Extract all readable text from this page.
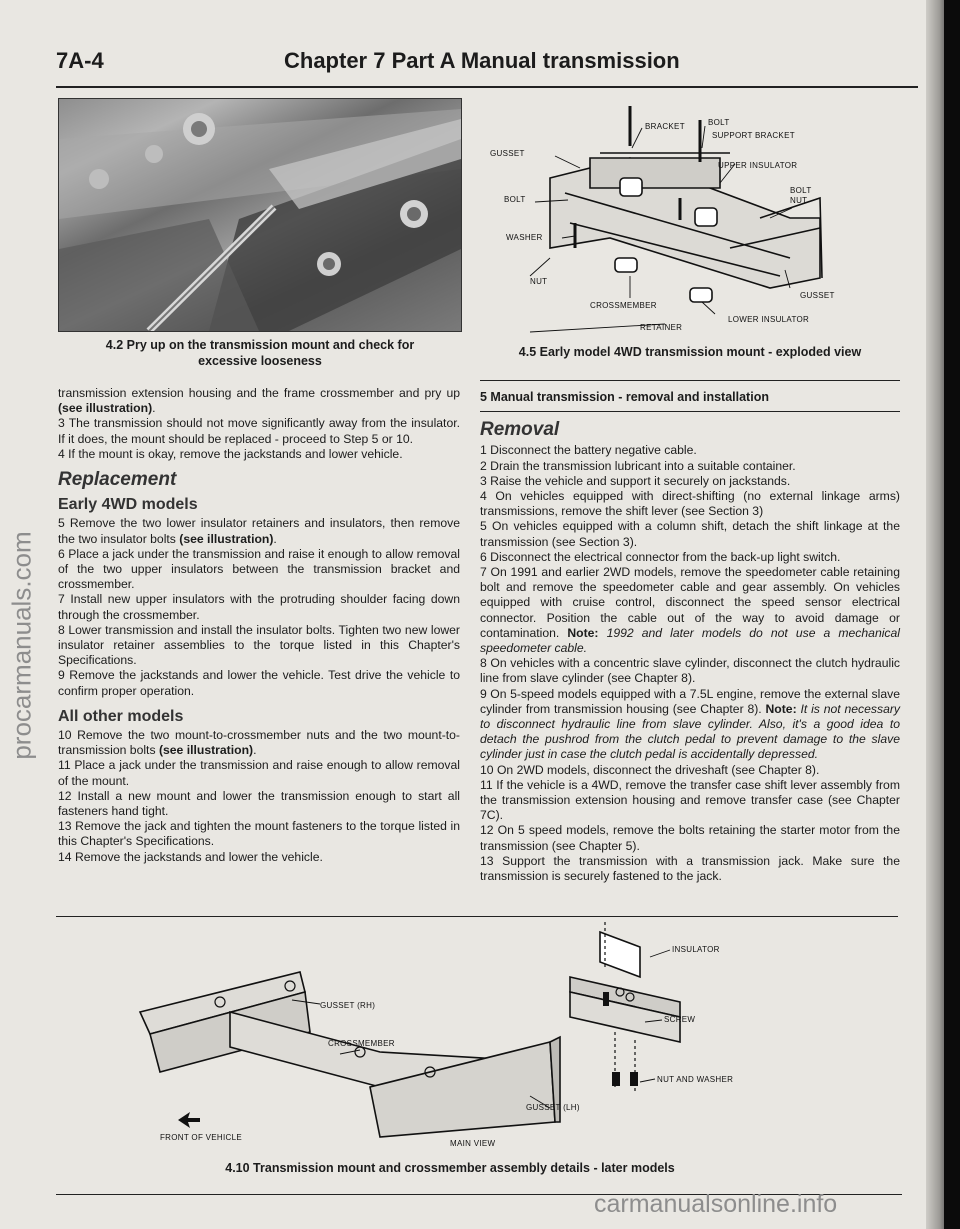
7A-4	Chapter 7 Part A Manual transmission
4.2 Pry up on the transmission mount and check for
excessive looseness
BRACKET	BOLT
SUPPORT BRACKET
GUSSET
UPPER INSULATOR
BOLT
BOLT
NUT
WASHER
NUT
GUSSET
CROSSMEMBER
RETAINER
LOWER INSULATOR
4.5 Early model 4WD transmission mount - exploded view

transmission extension housing and the frame crossmember and pry up (see illustration).

3 The transmission should not move significantly away from the insulator. If it does, the mount should be replaced - proceed to Step 5 or 10.

4 If the mount is okay, remove the jackstands and lower vehicle.

Replacement
Early 4WD models

5 Remove the two lower insulator retainers and insulators, then remove the two insulator bolts (see illustration).

6 Place a jack under the transmission and raise it enough to allow removal of the two upper insulators between the transmission bracket and crossmember.

7 Install new upper insulators with the protruding shoulder facing down through the crossmember.

8 Lower transmission and install the insulator bolts. Tighten two new lower insulator retainer assemblies to the torque listed in this Chapter's Specifications.

9 Remove the jackstands and lower the vehicle. Test drive the vehicle to confirm proper operation.

All other models

10 Remove the two mount-to-crossmember nuts and the two mount-to-transmission bolts (see illustration).

11 Place a jack under the transmission and raise enough to allow removal of the mount.

12 Install a new mount and lower the transmission enough to start all fasteners hand tight.

13 Remove the jack and tighten the mount fasteners to the torque listed in this Chapter's Specifications.

14 Remove the jackstands and lower the vehicle.

5 Manual transmission - removal and installation
Removal

1 Disconnect the battery negative cable.

2 Drain the transmission lubricant into a suitable container.

3 Raise the vehicle and support it securely on jackstands.

4 On vehicles equipped with direct-shifting (no external linkage arms) transmissions, remove the shift lever (see Section 3)

5 On vehicles equipped with a column shift, detach the shift linkage at the transmission (see Section 3).

6 Disconnect the electrical connector from the back-up light switch.

7 On 1991 and earlier 2WD models, remove the speedometer cable retaining bolt and remove the speedometer cable and gear assembly. On vehicles equipped with cruise control, disconnect the speed sensor electrical connector. Position the cable out of the way to avoid damage or contamination. Note: 1992 and later models do not use a mechanical speedometer cable.

8 On vehicles with a concentric slave cylinder, disconnect the clutch hydraulic line from slave cylinder (see Chapter 8).

9 On 5-speed models equipped with a 7.5L engine, remove the external slave cylinder from transmission housing (see Chapter 8). Note: It is not necessary to disconnect hydraulic line from slave cylinder. Also, it's a good idea to detach the pushrod from the clutch pedal to prevent damage to the slave cylinder just in case the clutch pedal is accidentally depressed.

10 On 2WD models, disconnect the driveshaft (see Chapter 8).

11 If the vehicle is a 4WD, remove the transfer case shift lever assembly from the transmission extension housing and remove transfer case (see Chapter 7C).

12 On 5 speed models, remove the bolts retaining the starter motor from the transmission (see Chapter 5).

13 Support the transmission with a transmission jack. Make sure the transmission is securely fastened to the jack.

GUSSET (RH)
CROSSMEMBER
FRONT OF VEHICLE
MAIN VIEW
GUSSET (LH)
INSULATOR
SCREW
NUT AND WASHER
4.10 Transmission mount and crossmember assembly details - later models
procarmanuals.com
carmanualsonline.info
